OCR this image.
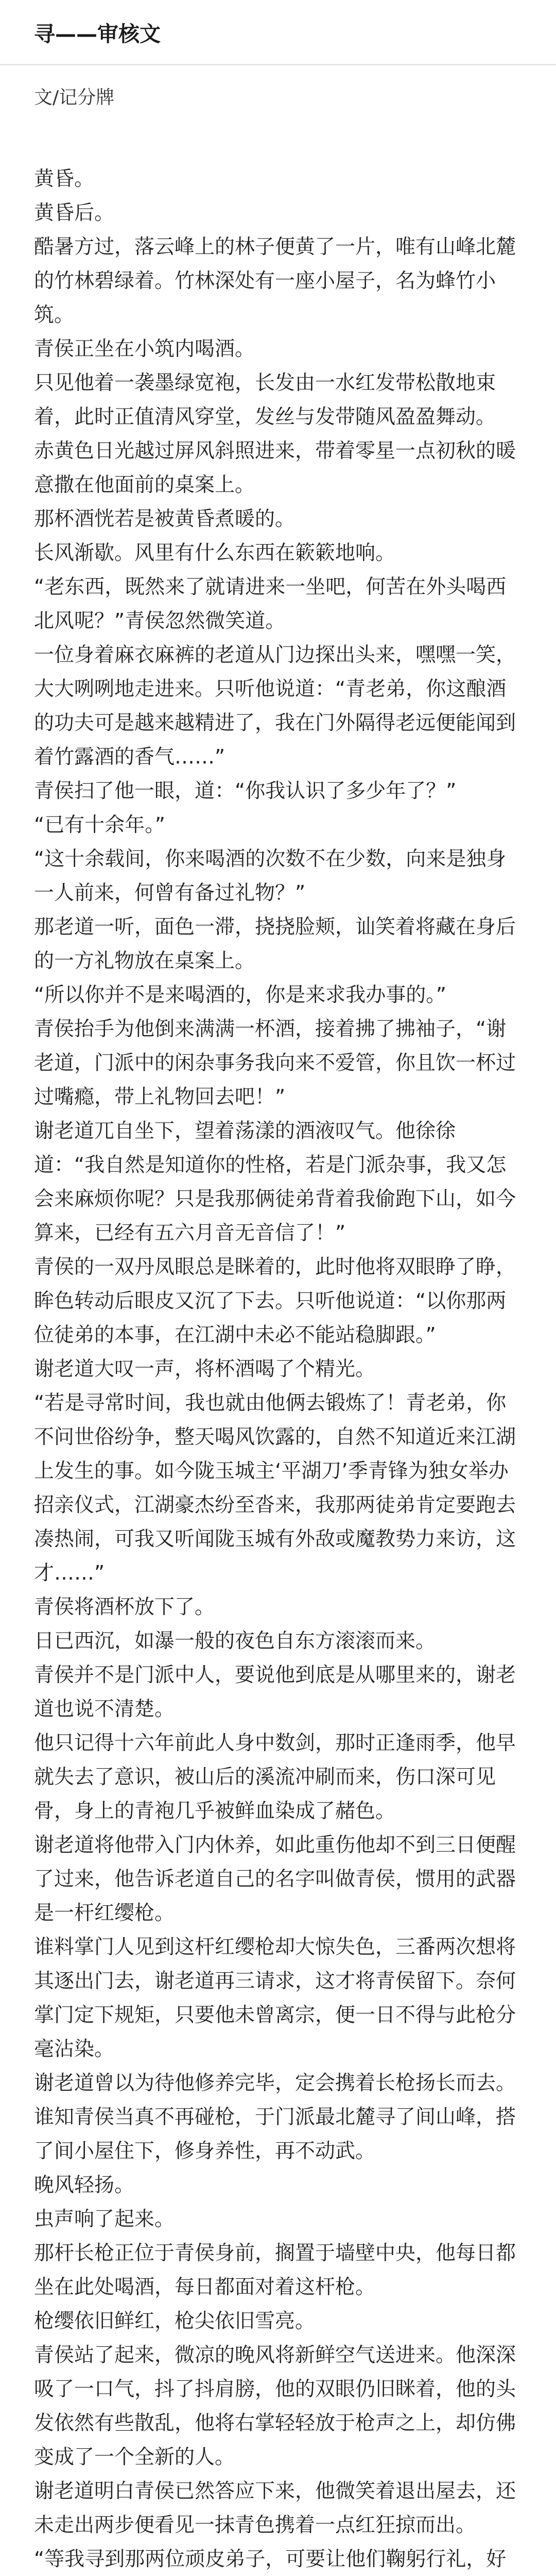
寻——审核文
文/记分牌

黄昏。

黄昏后。

酷暑方过，落云峰上的林子便黄了一片，唯有山峰北麓的竹林碧绿着。竹林深处有一座小屋子，名为蜂竹小筑。

青侯正坐在小筑内喝酒。

只见他着一袭墨绿宽袍，长发由一水红发带松散地束着，此时正值清风穿堂，发丝与发带随风盈盈舞动。

赤黄色日光越过屏风斜照进来，带着零星一点初秋的暖意撒在他面前的桌案上。

那杯酒恍若是被黄昏煮暖的。

长风渐歇。风里有什么东西在簌簌地响。

“老东西，既然来了就请进来一坐吧，何苦在外头喝西北风呢？”青侯忽然微笑道。

一位身着麻衣麻裤的老道从门边探出头来，嘿嘿一笑，大大咧咧地走进来。只听他说道：“青老弟，你这酿酒的功夫可是越来越精进了，我在门外隔得老远便能闻到着竹露酒的香气……”

青侯扫了他一眼，道：“你我认识了多少年了？”

“已有十余年。”

“这十余载间，你来喝酒的次数不在少数，向来是独身一人前来，何曾有备过礼物？”

那老道一听，面色一滞，挠挠脸颊，讪笑着将藏在身后的一方礼物放在桌案上。

“所以你并不是来喝酒的，你是来求我办事的。”

青侯抬手为他倒来满满一杯酒，接着拂了拂袖子，“谢老道，门派中的闲杂事务我向来不爱管，你且饮一杯过过嘴瘾，带上礼物回去吧！”

谢老道兀自坐下，望着荡漾的酒液叹气。他徐徐道：“我自然是知道你的性格，若是门派杂事，我又怎会来麻烦你呢？只是我那俩徒弟背着我偷跑下山，如今算来，已经有五六月音无音信了！”

青侯的一双丹凤眼总是眯着的，此时他将双眼睁了睁，眸色转动后眼皮又沉了下去。只听他说道：“以你那两位徒弟的本事，在江湖中未必不能站稳脚跟。”

谢老道大叹一声，将杯酒喝了个精光。

“若是寻常时间，我也就由他俩去锻炼了！青老弟，你不问世俗纷争，整天喝风饮露的，自然不知道近来江湖上发生的事。如今陇玉城主‘平湖刀’季青锋为独女举办招亲仪式，江湖豪杰纷至沓来，我那两徒弟肯定要跑去凑热闹，可我又听闻陇玉城有外敌或魔教势力来访，这才……”

青侯将酒杯放下了。

日已西沉，如瀑一般的夜色自东方滚滚而来。

青侯并不是门派中人，要说他到底是从哪里来的，谢老道也说不清楚。

他只记得十六年前此人身中数剑，那时正逢雨季，他早就失去了意识，被山后的溪流冲刷而来，伤口深可见骨，身上的青袍几乎被鲜血染成了赭色。

谢老道将他带入门内休养，如此重伤他却不到三日便醒了过来，他告诉老道自己的名字叫做青侯，惯用的武器是一杆红缨枪。

谁料掌门人见到这杆红缨枪却大惊失色，三番两次想将其逐出门去，谢老道再三请求，这才将青侯留下。奈何掌门定下规矩，只要他未曾离宗，便一日不得与此枪分毫沾染。

谢老道曾以为待他修养完毕，定会携着长枪扬长而去。谁知青侯当真不再碰枪，于门派最北麓寻了间山峰，搭了间小屋住下，修身养性，再不动武。

晚风轻扬。

虫声响了起来。

那杆长枪正位于青侯身前，搁置于墙壁中央，他每日都坐在此处喝酒，每日都面对着这杆枪。

枪缨依旧鲜红，枪尖依旧雪亮。

青侯站了起来，微凉的晚风将新鲜空气送进来。他深深吸了一口气，抖了抖肩膀，他的双眼仍旧眯着，他的头发依然有些散乱，他将右掌轻轻放于枪声之上，却仿佛变成了一个全新的人。

谢老道明白青侯已然答应下来，他微笑着退出屋去，还未走出两步便看见一抹青色携着一点红狂掠而出。

“等我寻到那两位顽皮弟子，可要让他们鞠躬行礼，好
